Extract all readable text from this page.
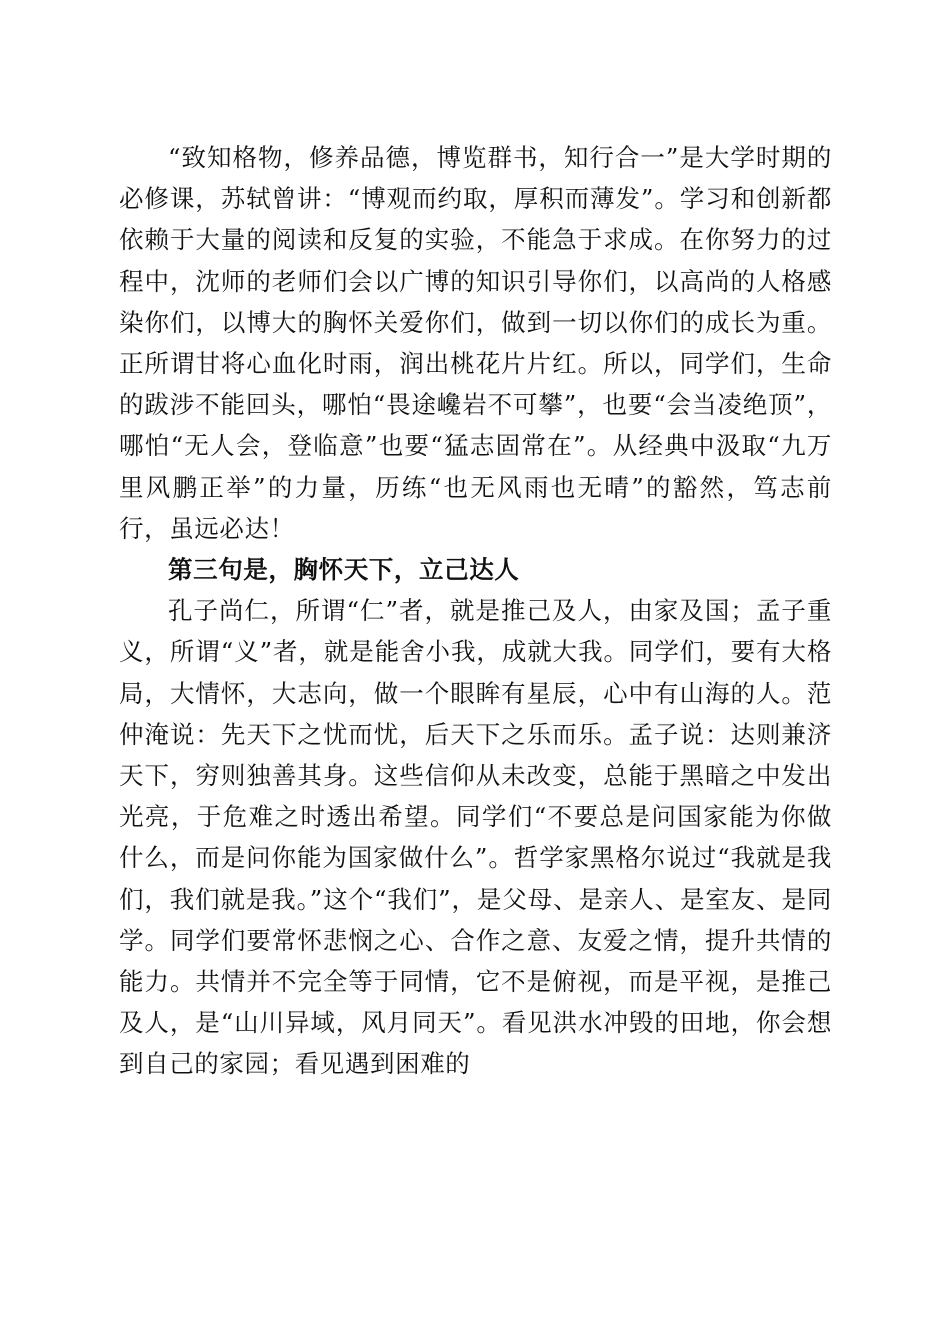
“致知格物，修养品德，博览群书，知行合一”是大学时期的必修课，苏轼曾讲：“博观而约取，厚积而薄发”。学习和创新都依赖于大量的阅读和反复的实验，不能急于求成。在你努力的过程中，沈师的老师们会以广博的知识引导你们，以高尚的人格感染你们，以博大的胸怀关爱你们，做到一切以你们的成长为重。正所谓甘将心血化时雨，润出桃花片片红。所以，同学们，生命的跋涉不能回头，哪怕“畏途巉岩不可攀”，也要“会当凌绝顶”，哪怕“无人会，登临意”也要“猛志固常在”。从经典中汲取“九万里风鹏正举”的力量，历练“也无风雨也无晴”的豁然，笃志前行，虽远必达！

第三句是，胸怀天下，立己达人

孔子尚仁，所谓“仁”者，就是推己及人，由家及国；孟子重义，所谓“义”者，就是能舍小我，成就大我。同学们，要有大格局，大情怀，大志向，做一个眼眸有星辰，心中有山海的人。范仲淹说：先天下之忧而忧，后天下之乐而乐。孟子说：达则兼济天下，穷则独善其身。这些信仰从未改变，总能于黑暗之中发出光亮，于危难之时透出希望。同学们“不要总是问国家能为你做什么，而是问你能为国家做什么”。哲学家黑格尔说过“我就是我们，我们就是我。”这个“我们”，是父母、是亲人、是室友、是同学。同学们要常怀悲悯之心、合作之意、友爱之情，提升共情的能力。共情并不完全等于同情，它不是俯视，而是平视，是推己及人，是“山川异域，风月同天”。看见洪水冲毁的田地，你会想到自己的家园；看见遇到困难的
